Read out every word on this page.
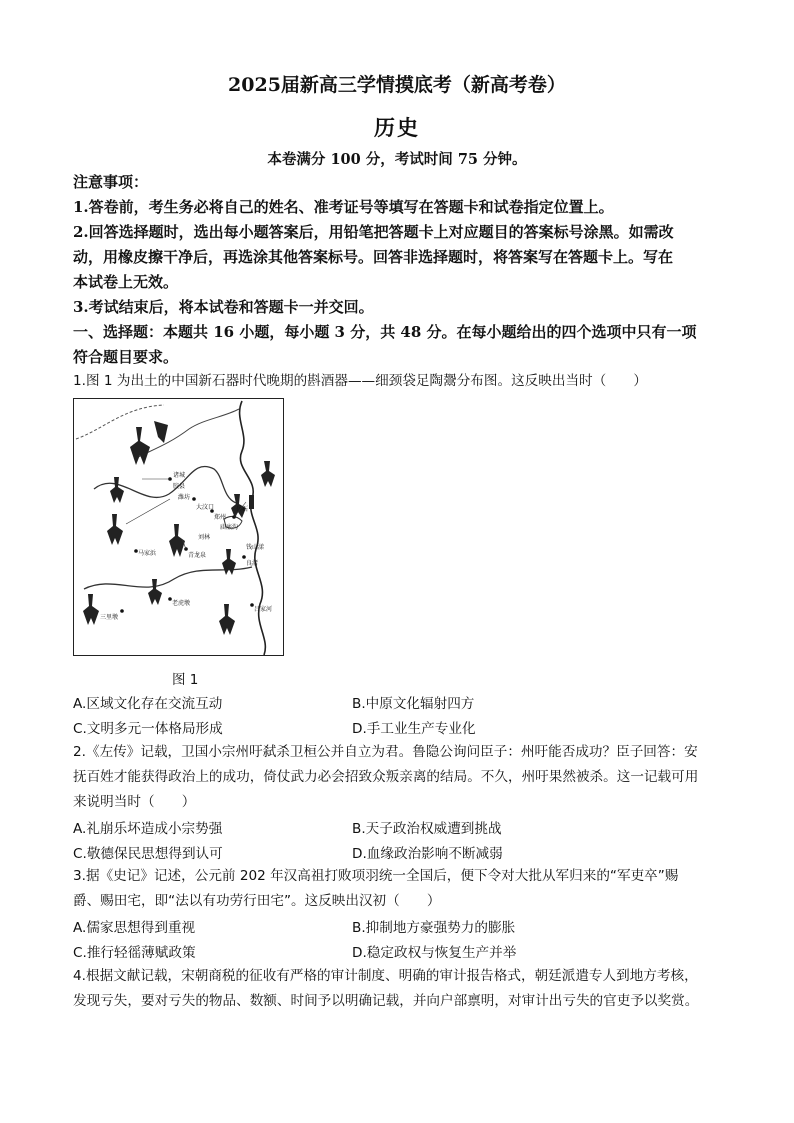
2025届新高三学情摸底考（新高考卷）
历史
本卷满分 100 分，考试时间 75 分钟。
注意事项：
1.答卷前，考生务必将自己的姓名、准考证号等填写在答题卡和试卷指定位置上。
2.回答选择题时，选出每小题答案后，用铅笔把答题卡上对应题目的答案标号涂黑。如需改
动，用橡皮擦干净后，再选涂其他答案标号。回答非选择题时，将答案写在答题卡上。写在
本试卷上无效。
3.考试结束后，将本试卷和答题卡一并交回。
一、选择题：本题共 16 小题，每小题 3 分，共 48 分。在每小题给出的四个选项中只有一项
符合题目要求。
1.图 1 为出土的中国新石器时代晚期的斟酒器——细颈袋足陶鬶分布图。这反映出当时（　　）
诸城
胶县
潍坊
大汶口
郑州
庙底沟
岳石
青龙泉
良渚
马家浜
刘林
钱山漾
老虎墩
吕家河
三里墩
图 1
A.区域文化存在交流互动	B.中原文化辐射四方
C.文明多元一体格局形成	D.手工业生产专业化
2.《左传》记载，卫国小宗州吁弑杀卫桓公并自立为君。鲁隐公询问臣子：州吁能否成功？臣子回答：安
抚百姓才能获得政治上的成功，倚仗武力必会招致众叛亲离的结局。不久，州吁果然被杀。这一记载可用
来说明当时（　　）
A.礼崩乐坏造成小宗势强	B.天子政治权威遭到挑战
C.敬德保民思想得到认可	D.血缘政治影响不断减弱
3.据《史记》记述，公元前 202 年汉高祖打败项羽统一全国后，便下令对大批从军归来的“军吏卒”赐
爵、赐田宅，即“法以有功劳行田宅”。这反映出汉初（　　）
A.儒家思想得到重视	B.抑制地方豪强势力的膨胀
C.推行轻徭薄赋政策	D.稳定政权与恢复生产并举
4.根据文献记载，宋朝商税的征收有严格的审计制度、明确的审计报告格式，朝廷派遣专人到地方考核，
发现亏失，要对亏失的物品、数额、时间予以明确记载，并向户部禀明，对审计出亏失的官吏予以奖赏。
